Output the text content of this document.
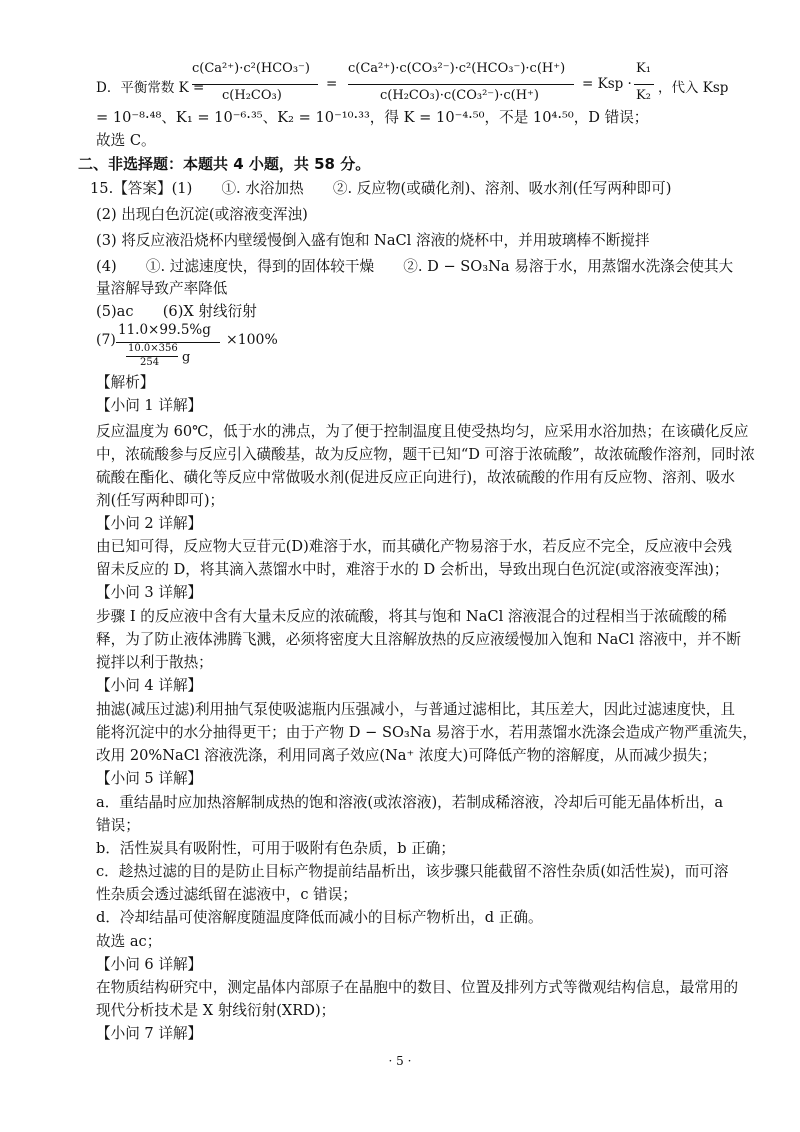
D．平衡常数 K =
c(Ca²⁺)·c²(HCO₃⁻)
c(H₂CO₃)
=
c(Ca²⁺)·c(CO₃²⁻)·c²(HCO₃⁻)·c(H⁺)
c(H₂CO₃)·c(CO₃²⁻)·c(H⁺)
= Ksp ·
K₁
K₂ ，代入 Ksp
= 10⁻⁸·⁴⁸、K₁ = 10⁻⁶·³⁵、K₂ = 10⁻¹⁰·³³，得 K = 10⁻⁴·⁵⁰，不是 10⁴·⁵⁰，D 错误；
故选 C。
二、非选择题：本题共 4 小题，共 58 分。
15.【答案】(1)　　①. 水浴加热　　②. 反应物(或磺化剂)、溶剂、吸水剂(任写两种即可)
(2) 出现白色沉淀(或溶液变浑浊)
(3) 将反应液沿烧杯内壁缓慢倒入盛有饱和 NaCl 溶液的烧杯中，并用玻璃棒不断搅拌
(4)　　①. 过滤速度快，得到的固体较干燥　　②. D − SO₃Na 易溶于水，用蒸馏水洗涤会使其大
量溶解导致产率降低
(5)ac　　(6)X 射线衍射
(7)
11.0×99.5%g
10.0×356
254 g
×100%
【解析】
【小问 1 详解】
反应温度为 60℃，低于水的沸点，为了便于控制温度且使受热均匀，应采用水浴加热；在该磺化反应
中，浓硫酸参与反应引入磺酸基，故为反应物，题干已知“D 可溶于浓硫酸”，故浓硫酸作溶剂，同时浓
硫酸在酯化、磺化等反应中常做吸水剂(促进反应正向进行)，故浓硫酸的作用有反应物、溶剂、吸水
剂(任写两种即可)；
【小问 2 详解】
由已知可得，反应物大豆苷元(D)难溶于水，而其磺化产物易溶于水，若反应不完全，反应液中会残
留未反应的 D，将其滴入蒸馏水中时，难溶于水的 D 会析出，导致出现白色沉淀(或溶液变浑浊)；
【小问 3 详解】
步骤 Ⅰ 的反应液中含有大量未反应的浓硫酸，将其与饱和 NaCl 溶液混合的过程相当于浓硫酸的稀
释，为了防止液体沸腾飞溅，必须将密度大且溶解放热的反应液缓慢加入饱和 NaCl 溶液中，并不断
搅拌以利于散热；
【小问 4 详解】
抽滤(减压过滤)利用抽气泵使吸滤瓶内压强减小，与普通过滤相比，其压差大，因此过滤速度快，且
能将沉淀中的水分抽得更干；由于产物 D − SO₃Na 易溶于水，若用蒸馏水洗涤会造成产物严重流失，
改用 20%NaCl 溶液洗涤，利用同离子效应(Na⁺ 浓度大)可降低产物的溶解度，从而减少损失；
【小问 5 详解】
a．重结晶时应加热溶解制成热的饱和溶液(或浓溶液)，若制成稀溶液，冷却后可能无晶体析出，a
错误；
b．活性炭具有吸附性，可用于吸附有色杂质，b 正确；
c．趁热过滤的目的是防止目标产物提前结晶析出，该步骤只能截留不溶性杂质(如活性炭)，而可溶
性杂质会透过滤纸留在滤液中，c 错误；
d．冷却结晶可使溶解度随温度降低而减小的目标产物析出，d 正确。
故选 ac；
【小问 6 详解】
在物质结构研究中，测定晶体内部原子在晶胞中的数目、位置及排列方式等微观结构信息，最常用的
现代分析技术是 X 射线衍射(XRD)；
【小问 7 详解】
· 5 ·
